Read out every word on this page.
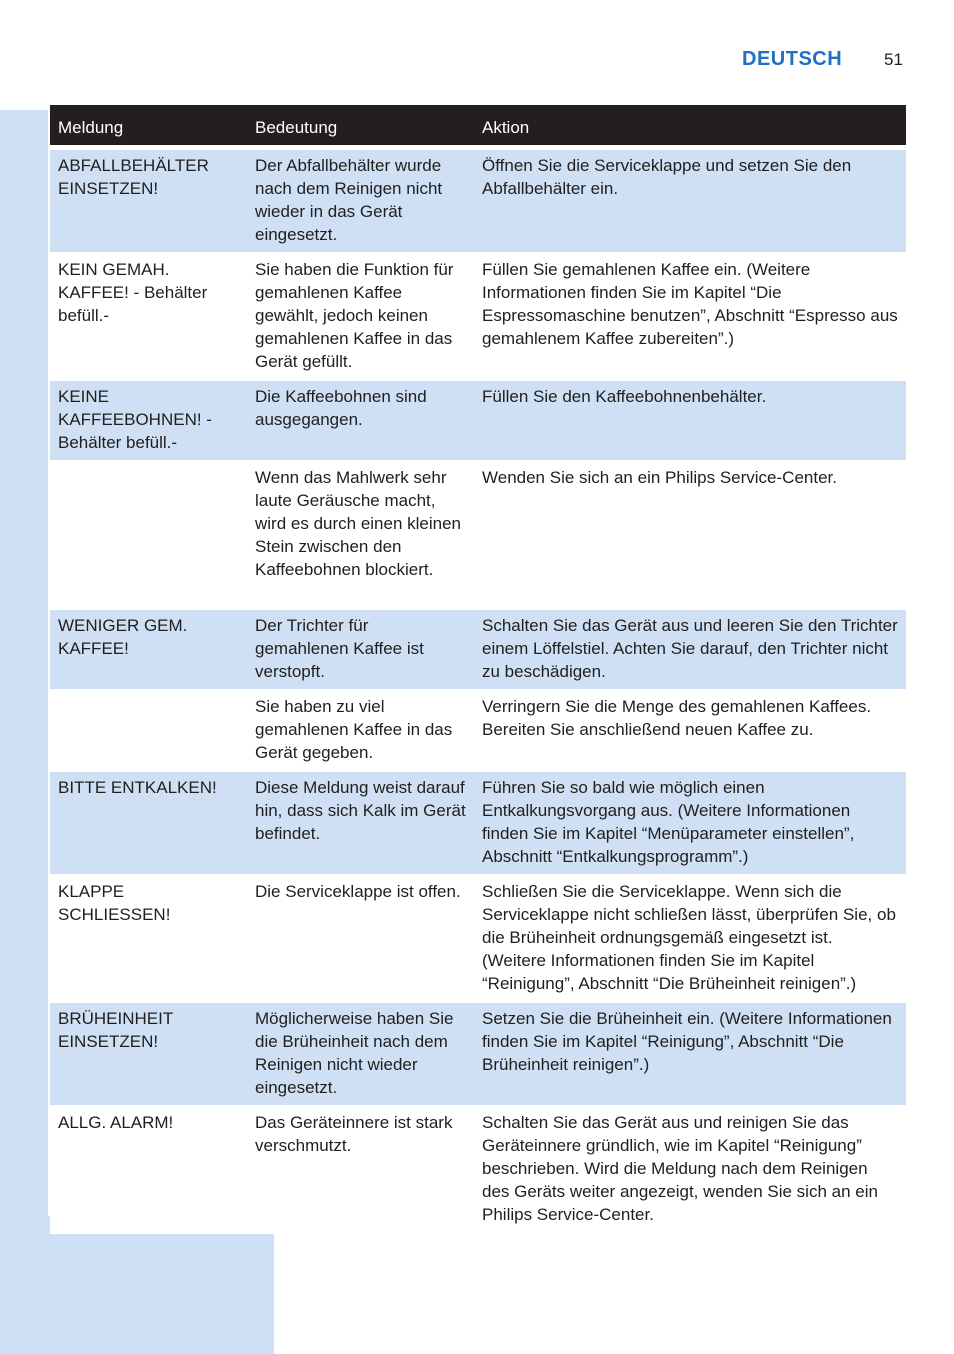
DEUTSCH 51
Meldung	Bedeutung	Aktion
ABFALLBEHÄLTER EINSETZEN!	Der Abfallbehälter wurde nach dem Reinigen nicht wieder in das Gerät eingesetzt.	Öffnen Sie die Serviceklappe und setzen Sie den Abfallbehälter ein.
KEIN GEMAH. KAFFEE! - Behälter befüll.-	Sie haben die Funktion für gemahlenen Kaffee gewählt, jedoch keinen gemahlenen Kaffee in das Gerät gefüllt.	Füllen Sie gemahlenen Kaffee ein. (Weitere Informationen finden Sie im Kapitel “Die Espressomaschine benutzen”, Abschnitt “Espresso aus gemahlenem Kaffee zubereiten”.)
KEINE KAFFEEBOHNEN! -Behälter befüll.-	Die Kaffeebohnen sind ausgegangen.	Füllen Sie den Kaffeebohnenbehälter.
	Wenn das Mahlwerk sehr laute Geräusche macht, wird es durch einen kleinen Stein zwischen den Kaffeebohnen blockiert.	Wenden Sie sich an ein Philips Service-Center.
WENIGER GEM. KAFFEE!	Der Trichter für gemahlenen Kaffee ist verstopft.	Schalten Sie das Gerät aus und leeren Sie den Trichter einem Löffelstiel. Achten Sie darauf, den Trichter nicht zu beschädigen.
	Sie haben zu viel gemahlenen Kaffee in das Gerät gegeben.	Verringern Sie die Menge des gemahlenen Kaffees. Bereiten Sie anschließend neuen Kaffee zu.
BITTE ENTKALKEN!	Diese Meldung weist darauf hin, dass sich Kalk im Gerät befindet.	Führen Sie so bald wie möglich einen Entkalkungsvorgang aus. (Weitere Informationen finden Sie im Kapitel “Menüparameter einstellen”, Abschnitt “Entkalkungsprogramm”.)
KLAPPE SCHLIESSEN!	Die Serviceklappe ist offen.	Schließen Sie die Serviceklappe. Wenn sich die Serviceklappe nicht schließen lässt, überprüfen Sie, ob die Brüheinheit ordnungsgemäß eingesetzt ist. (Weitere Informationen finden Sie im Kapitel “Reinigung”, Abschnitt “Die Brüheinheit reinigen”.)
BRÜHEINHEIT EINSETZEN!	Möglicherweise haben Sie die Brüheinheit nach dem Reinigen nicht wieder eingesetzt.	Setzen Sie die Brüheinheit ein. (Weitere Informationen finden Sie im Kapitel “Reinigung”, Abschnitt “Die Brüheinheit reinigen”.)
ALLG. ALARM!	Das Geräteinnere ist stark verschmutzt.	Schalten Sie das Gerät aus und reinigen Sie das Geräteinnere gründlich, wie im Kapitel “Reinigung” beschrieben. Wird die Meldung nach dem Reinigen des Geräts weiter angezeigt, wenden Sie sich an ein Philips Service-Center.
